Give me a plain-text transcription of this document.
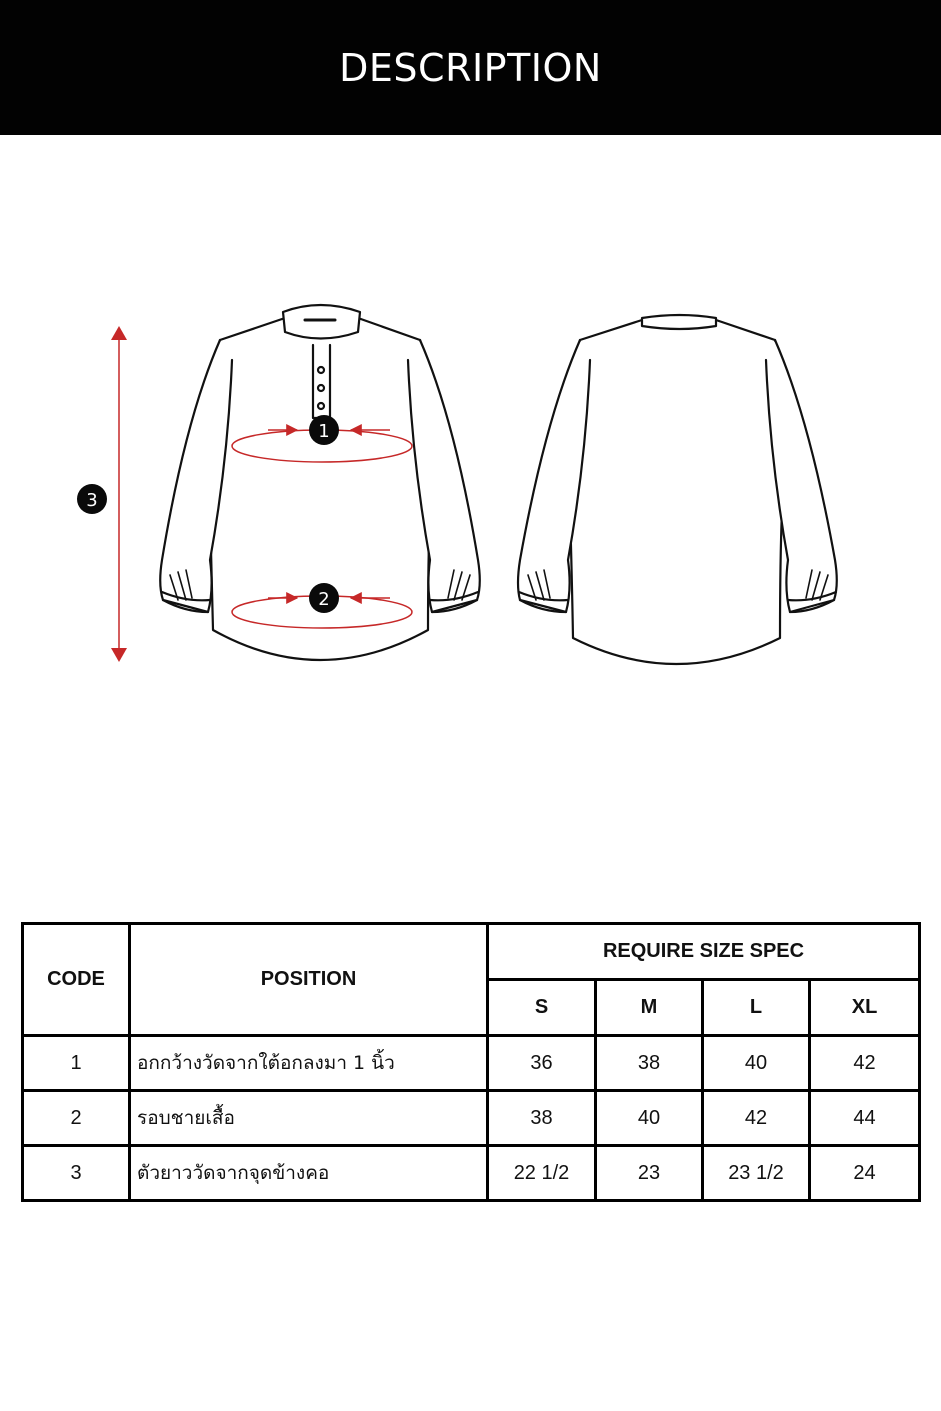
DESCRIPTION
1
2
3
CODE	POSITION	REQUIRE SIZE SPEC			
		S	M	L	XL
1	อกกว้างวัดจากใต้อกลงมา 1 นิ้ว	36	38	40	42
2	รอบชายเสื้อ	38	40	42	44
3	ตัวยาววัดจากจุดข้างคอ	22 1/2	23	23 1/2	24
